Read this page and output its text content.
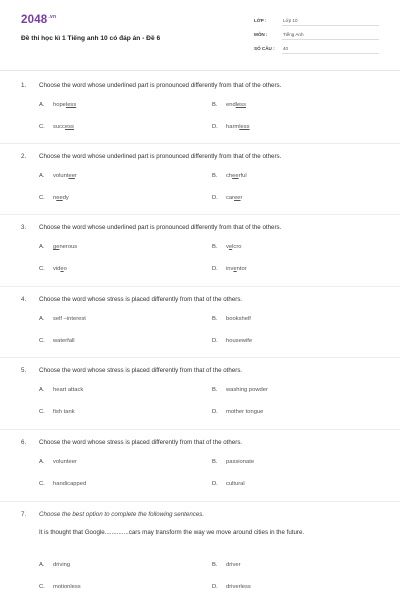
$2048^{.vn}$
Đề thi học kì 1 Tiếng anh 10 có đáp án - Đề 6
LỚP :	Lớp 10
MÔN :	Tiếng Anh
SỐ CÂU : 40
1. Choose the word whose underlined part is pronounced differently from that of the others.
A. hopeless	B. endless
C. success	D. harmless
2. Choose the word whose underlined part is pronounced differently from that of the others.
A. volunteer	B. cheerful
C. needy	D. career
3. Choose the word whose underlined part is pronounced differently from that of the others.
A. generous	B. velcro
C. video	D. inventor
4. Choose the word whose stress is placed differently from that of the others.
A. self –interest	B. bookshelf
C. waterfall	D. housewife
5. Choose the word whose stress is placed differently from that of the others.
A. heart attack	B. washing powder
C. fish tank	D. mother tongue
6. Choose the word whose stress is placed differently from that of the others.
A. volunteer	B. passionate
C. handicapped	D. cultural
7. Choose the best option to complete the following sentences.
It is thought that Google..............cars may transform the way we move around cities in the future.
A. driving	B. driver
C. motionless	D. driverless
